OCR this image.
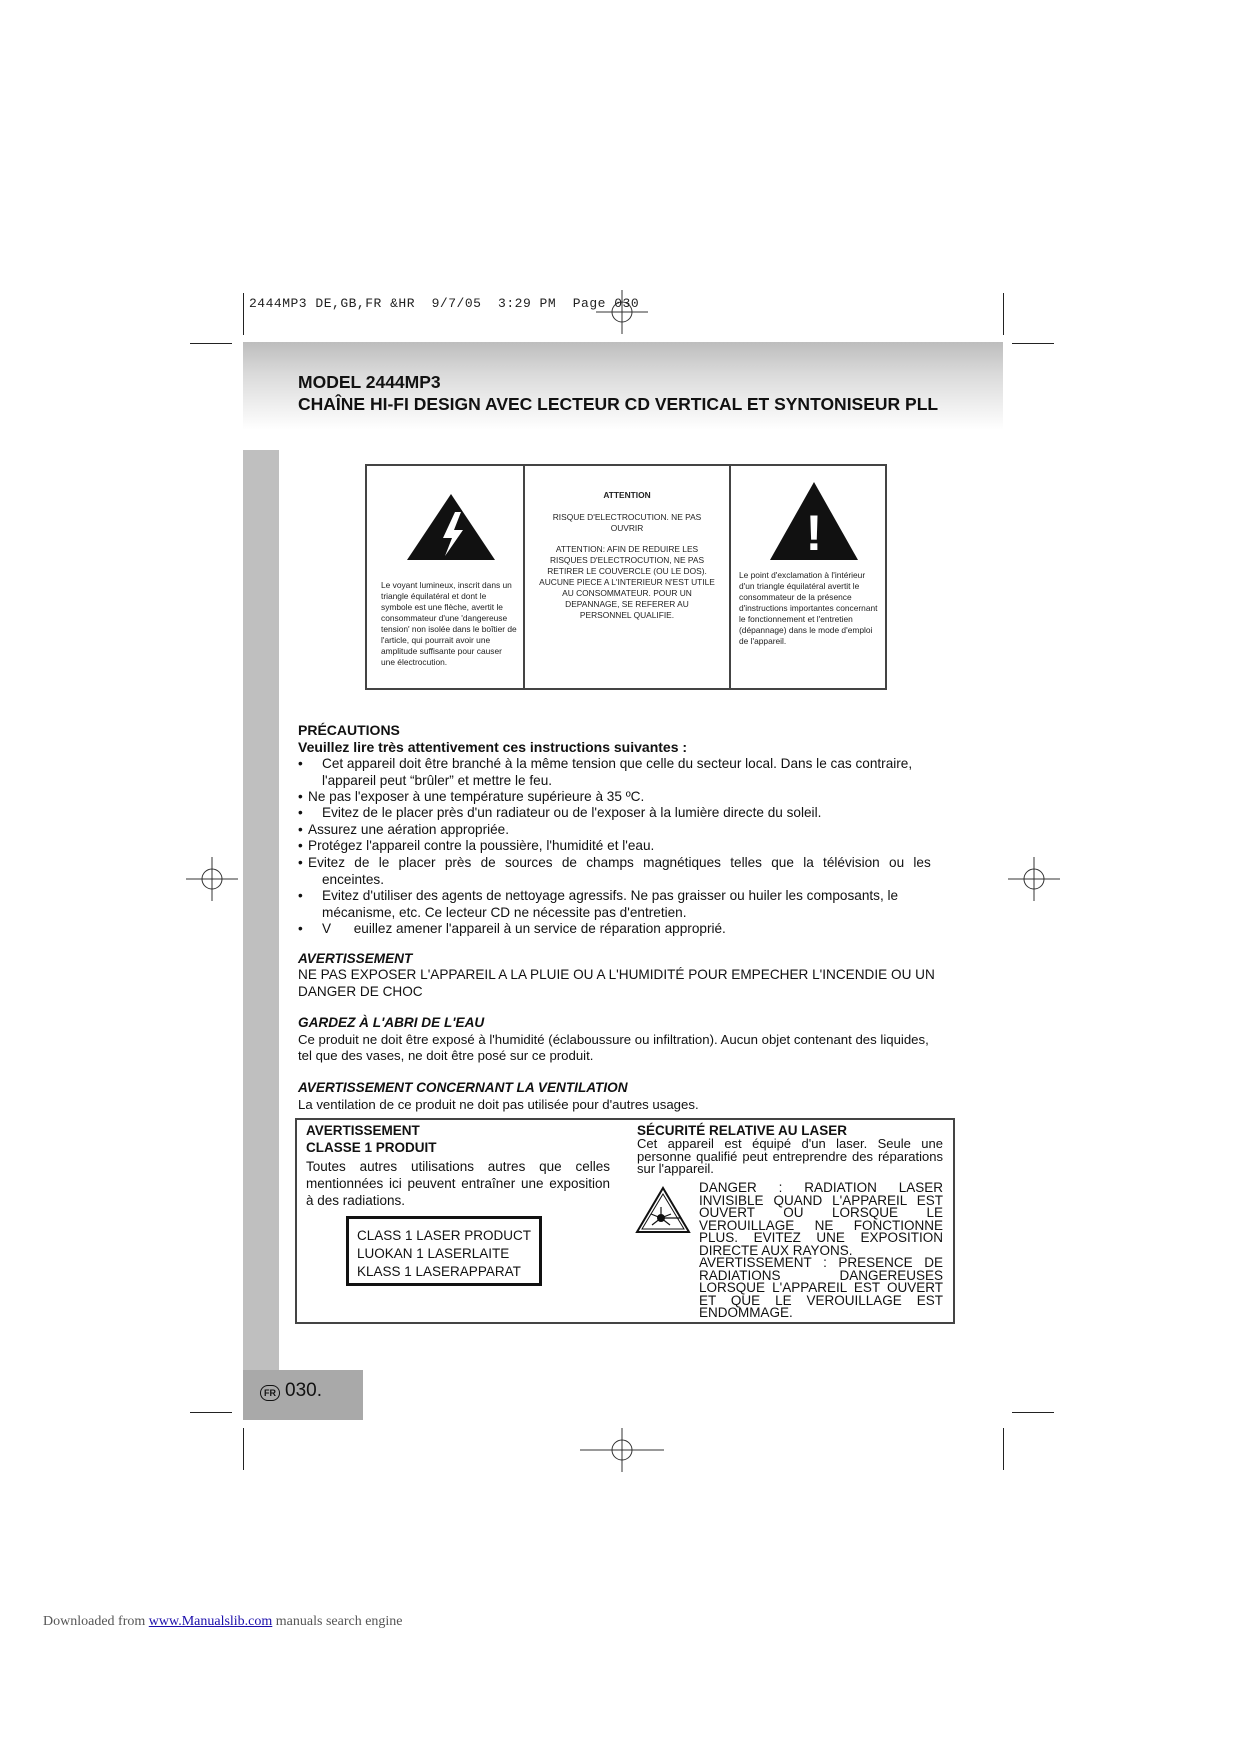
2444MP3 DE,GB,FR &HR  9/7/05  3:29 PM  Page 030
FR 030.
MODEL 2444MP3
CHAÎNE HI-FI DESIGN AVEC LECTEUR CD VERTICAL ET SYNTONISEUR PLL
Le voyant lumineux, inscrit dans un triangle équilatéral et dont le symbole est une flèche, avertit le consommateur d'une 'dangereuse tension' non isolée dans le boîtier de l'article, qui pourrait avoir une amplitude suffisante pour causer une électrocution.
ATTENTION
RISQUE D'ELECTROCUTION. NE PAS OUVRIR
ATTENTION: AFIN DE REDUIRE LES RISQUES D'ELECTROCUTION, NE PAS RETIRER LE COUVERCLE (OU LE DOS). AUCUNE PIECE A L'INTERIEUR N'EST UTILE AU CONSOMMATEUR. POUR UN DEPANNAGE, SE REFERER AU PERSONNEL QUALIFIE.
!
Le point d'exclamation à l'intérieur d'un triangle équilatéral avertit le consommateur de la présence d'instructions importantes concernant le fonctionnement et l'entretien (dépannage) dans le mode d'emploi de l'appareil.
PRÉCAUTIONS
Veuillez lire très attentivement ces instructions suivantes :
• Cet appareil doit être branché à la même tension que celle du secteur local. Dans le cas contraire,
l'appareil peut “brûler” et mettre le feu.
• Ne pas l'exposer à une température supérieure à 35 ºC.
• Evitez de le placer près d'un radiateur ou de l'exposer à la lumière directe du soleil.
• Assurez une aération appropriée.
• Protégez l'appareil contre la poussière, l'humidité et l'eau.
• Evitez de le placer près de sources de champs magnétiques telles que la télévision ou les
enceintes.
• Evitez d'utiliser des agents de nettoyage agressifs. Ne pas graisser ou huiler les composants, le
mécanisme, etc. Ce lecteur CD ne nécessite pas d'entretien.
• V      euillez amener l'appareil à un service de réparation approprié.
AVERTISSEMENT
NE PAS EXPOSER L'APPAREIL A LA PLUIE OU A L'HUMIDITÉ POUR EMPECHER L'INCENDIE OU UN
DANGER DE CHOC
GARDEZ À L'ABRI DE L'EAU
Ce produit ne doit être exposé à l'humidité (éclaboussure ou infiltration). Aucun objet contenant des liquides,
tel que des vases, ne doit être posé sur ce produit.
AVERTISSEMENT CONCERNANT LA VENTILATION
La ventilation de ce produit ne doit pas utilisée pour d'autres usages.
AVERTISSEMENT
CLASSE 1 PRODUIT
Toutes autres utilisations autres que celles mentionnées ici peuvent entraîner une exposition à des radiations.
SÉCURITÉ RELATIVE AU LASER
Cet appareil est équipé d'un laser. Seule une personne qualifié peut entreprendre des réparations sur l'appareil.
DANGER : RADIATION LASER INVISIBLE QUAND L'APPAREIL EST OUVERT OU LORSQUE LE VEROUILLAGE NE FONCTIONNE PLUS. EVITEZ UNE EXPOSITION DIRECTE AUX RAYONS.
AVERTISSEMENT : PRESENCE DE RADIATIONS DANGEREUSES LORSQUE L'APPAREIL EST OUVERT ET QUE LE VEROUILLAGE EST ENDOMMAGE.
CLASS 1 LASER PRODUCT
LUOKAN 1 LASERLAITE
KLASS 1 LASERAPPARAT
Downloaded from www.Manualslib.com manuals search engine
